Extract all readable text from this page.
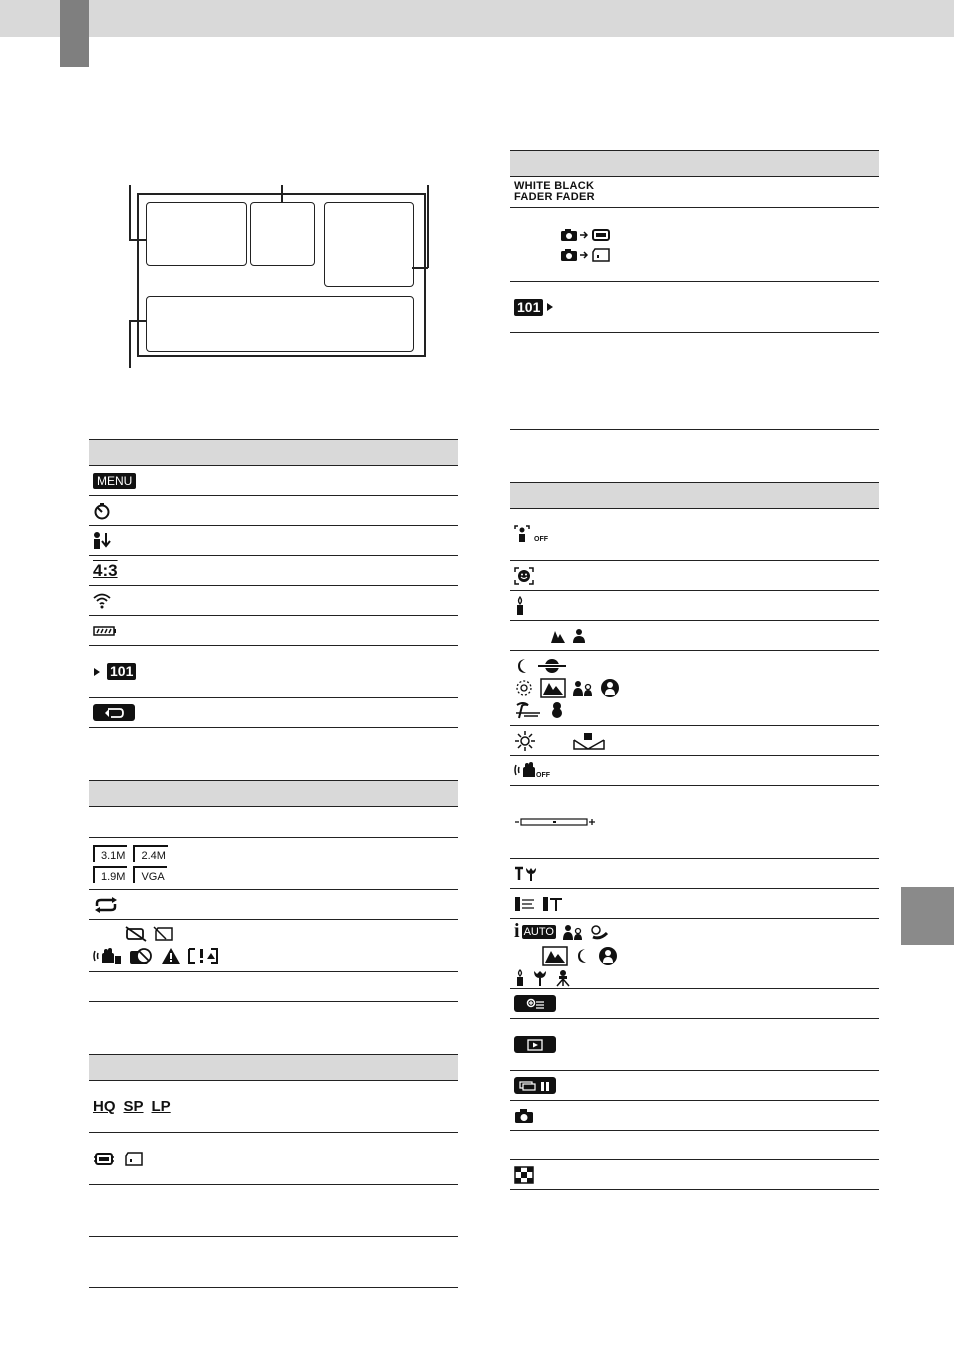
MENU
4:3
101
3.1M	2.4M
1.9M	VGA
HQ SP LP
WHITE BLACK
FADER FADER
101
OFF
OFF
i AUTO
